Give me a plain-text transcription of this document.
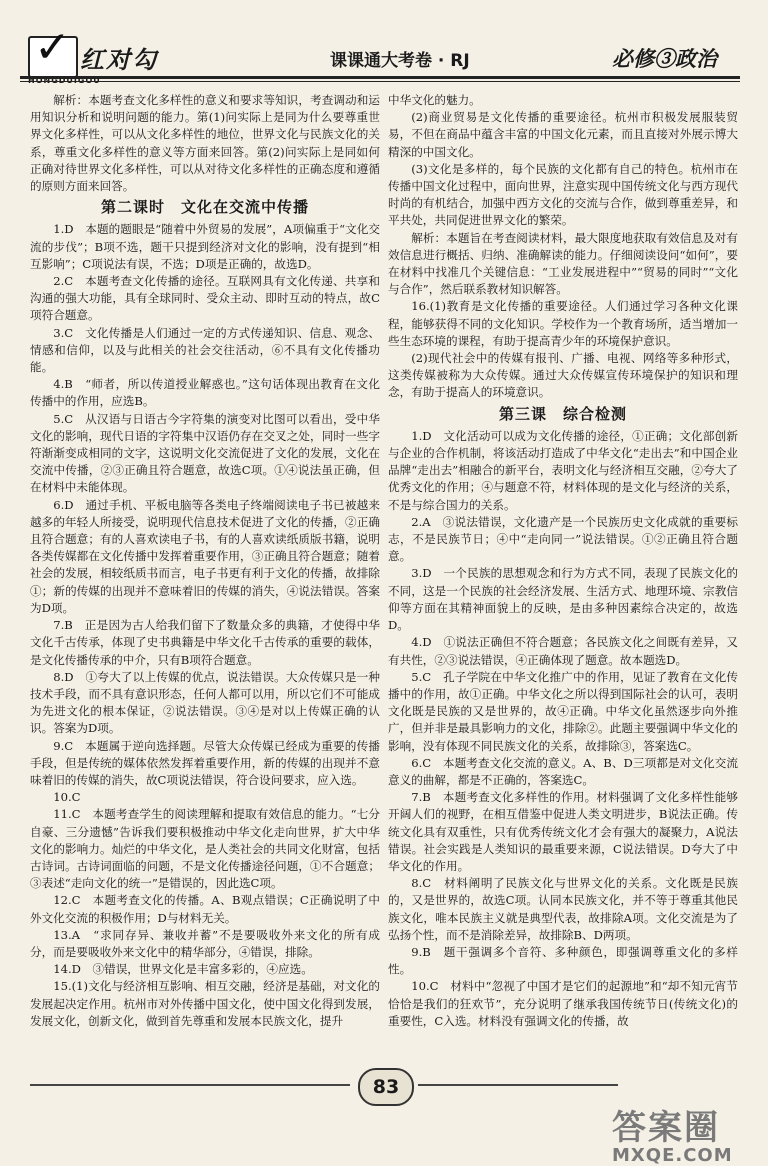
✓ 红对勾	课课通大考卷 · RJ	必修③政治

解析：本题考查文化多样性的意义和要求等知识，考查调动和运用知识分析和说明问题的能力。第(1)问实际上是同为什么要尊重世界文化多样性，可以从文化多样性的地位，世界文化与民族文化的关系，尊重文化多样性的意义等方面来回答。第(2)问实际上是同如何正确对待世界文化多样性，可以从对待文化多样性的正确态度和遵循的原则方面来回答。

第二课时　文化在交流中传播

1.D　本题的题眼是“随着中外贸易的发展”，A项偏重于“文化交流的步伐”；B项不选，题干只提到经济对文化的影响，没有提到“相互影响”；C项说法有误，不选；D项是正确的，故选D。

2.C　本题考查文化传播的途径。互联网具有文化传递、共享和沟通的强大功能，具有全球同时、受众主动、即时互动的特点，故C项符合题意。

3.C　文化传播是人们通过一定的方式传递知识、信息、观念、情感和信仰，以及与此相关的社会交往活动，⑥不具有文化传播功能。

4.B　“师者，所以传道授业解惑也。”这句话体现出教育在文化传播中的作用，应选B。

5.C　从汉语与日语古今字符集的演变对比图可以看出，受中华文化的影响，现代日语的字符集中汉语仍存在交叉之处，同时一些字符渐渐变成相同的文字，这说明文化交流促进了文化的发展，文化在交流中传播，②③正确且符合题意，故选C项。①④说法虽正确，但在材料中未能体现。

6.D　通过手机、平板电脑等各类电子终端阅读电子书已被越来越多的年轻人所接受，说明现代信息技术促进了文化的传播，②正确且符合题意；有的人喜欢读电子书，有的人喜欢读纸质版书籍，说明各类传媒都在文化传播中发挥着重要作用，③正确且符合题意；随着社会的发展，相较纸质书而言，电子书更有利于文化的传播，故排除①；新的传媒的出现并不意味着旧的传媒的消失，④说法错误。答案为D项。

7.B　正是因为古人给我们留下了数量众多的典籍，才使得中华文化千古传承，体现了史书典籍是中华文化千古传承的重要的载体，是文化传播传承的中介，只有B项符合题意。

8.D　①夸大了以上传媒的优点，说法错误。大众传媒只是一种技术手段，而不具有意识形态，任何人都可以用，所以它们不可能成为先进文化的根本保证，②说法错误。③④是对以上传媒正确的认识。答案为D项。

9.C　本题属于逆向选择题。尽管大众传媒已经成为重要的传播手段，但是传统的媒体依然发挥着重要作用，新的传媒的出现并不意味着旧的传媒的消失，故C项说法错误，符合设问要求，应入选。

10.C

11.C　本题考查学生的阅读理解和提取有效信息的能力。“七分自豪、三分遗憾”告诉我们要积极推动中华文化走向世界，扩大中华文化的影响力。灿烂的中华文化，是人类社会的共同文化财富，包括古诗词。古诗词面临的问题，不是文化传播途径问题，①不合题意；③表述“走向文化的统一”是错误的，因此选C项。

12.C　本题考查文化的传播。A、B观点错误；C正确说明了中外文化交流的积极作用；D与材料无关。

13.A　“求同存异、兼收并蓄”不是要吸收外来文化的所有成分，而是要吸收外来文化中的精华部分，④错误，排除。

14.D　③错误，世界文化是丰富多彩的，④应选。

15.(1)文化与经济相互影响、相互交融，经济是基础，对文化的发展起决定作用。杭州市对外传播中国文化，使中国文化得到发展，发展文化，创新文化，做到首先尊重和发展本民族文化，提升

中华文化的魅力。

(2)商业贸易是文化传播的重要途径。杭州市积极发展服装贸易，不但在商品中蕴含丰富的中国文化元素，而且直接对外展示博大精深的中国文化。

(3)文化是多样的，每个民族的文化都有自己的特色。杭州市在传播中国文化过程中，面向世界，注意实现中国传统文化与西方现代时尚的有机结合，加强中西方文化的交流与合作，做到尊重差异，和平共处，共同促进世界文化的繁荣。

解析：本题旨在考查阅读材料，最大限度地获取有效信息及对有效信息进行概括、归纳、准确解读的能力。仔细阅读设问“如何”，要在材料中找准几个关键信息：“工业发展进程中”“贸易的同时”“文化与合作”，然后联系教材知识解答。

16.(1)教育是文化传播的重要途径。人们通过学习各种文化课程，能够获得不同的文化知识。学校作为一个教育场所，适当增加一些生态环境的课程，有助于提高青少年的环境保护意识。

(2)现代社会中的传媒有报刊、广播、电视、网络等多种形式，这类传媒被称为大众传媒。通过大众传媒宣传环境保护的知识和理念，有助于提高人的环境意识。

第三课　综合检测

1.D　文化活动可以成为文化传播的途径，①正确；文化部创新与企业的合作机制，将该活动打造成了中华文化“走出去”和中国企业品牌“走出去”相融合的新平台，表明文化与经济相互交融，②夸大了优秀文化的作用；④与题意不符，材料体现的是文化与经济的关系，不是与综合国力的关系。

2.A　③说法错误，文化遗产是一个民族历史文化成就的重要标志，不是民族节日；④中“走向同一”说法错误。①②正确且符合题意。

3.D　一个民族的思想观念和行为方式不同，表现了民族文化的不同，这是一个民族的社会经济发展、生活方式、地理环境、宗教信仰等方面在其精神面貌上的反映，是由多种因素综合决定的，故选D。

4.D　①说法正确但不符合题意；各民族文化之间既有差异，又有共性，②③说法错误，④正确体现了题意。故本题选D。

5.C　孔子学院在中华文化推广中的作用，见证了教育在文化传播中的作用，故①正确。中华文化之所以得到国际社会的认可，表明文化既是民族的又是世界的，故④正确。中华文化虽然逐步向外推广，但并非是最具影响力的文化，排除②。此题主要强调中华文化的影响，没有体现不同民族文化的关系，故排除③，答案选C。

6.C　本题考查文化交流的意义。A、B、D三项都是对文化交流意义的曲解，都是不正确的，答案选C。

7.B　本题考查文化多样性的作用。材料强调了文化多样性能够开阔人们的视野，在相互借鉴中促进人类文明进步，B说法正确。传统文化具有双重性，只有优秀传统文化才会有强大的凝聚力，A说法错误。社会实践是人类知识的最重要来源，C说法错误。D夸大了中华文化的作用。

8.C　材料阐明了民族文化与世界文化的关系。文化既是民族的，又是世界的，故选C项。认同本民族文化，并不等于尊重其他民族文化，唯本民族主义就是典型代表，故排除A项。文化交流是为了弘扬个性，而不是消除差异，故排除B、D两项。

9.B　题干强调多个音符、多种颜色，即强调尊重文化的多样性。

10.C　材料中“忽视了中国才是它们的起源地”和“却不知元宵节恰恰是我们的狂欢节”，充分说明了继承我国传统节日(传统文化)的重要性，C入选。材料没有强调文化的传播，故

83
答案圈
MXQE.COM
